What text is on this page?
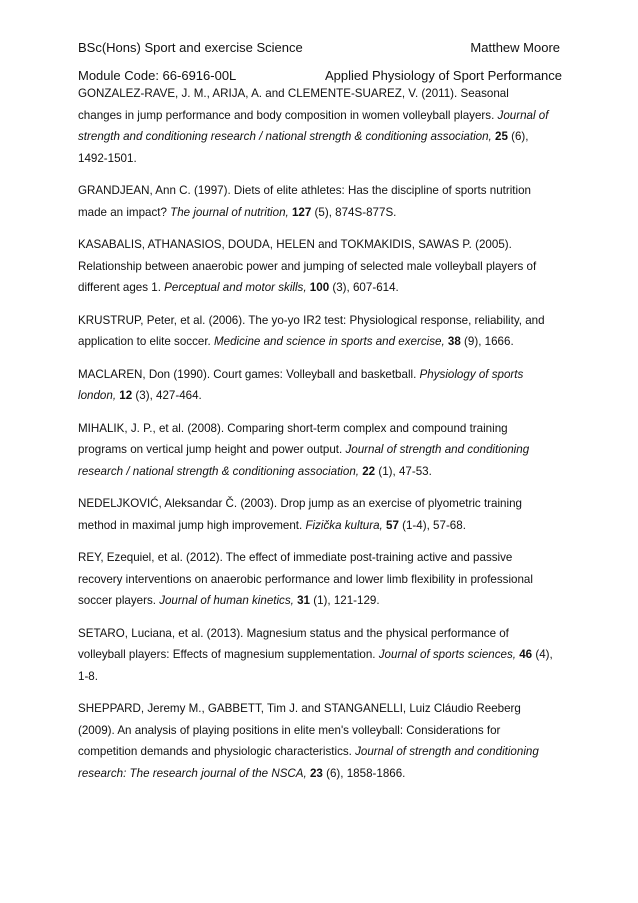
BSc(Hons) Sport and exercise Science	Matthew Moore
Module Code: 66-6916-00L	Applied Physiology of Sport Performance
GONZALEZ-RAVE, J. M., ARIJA, A. and CLEMENTE-SUAREZ, V. (2011). Seasonal
changes in jump performance and body composition in women volleyball players. Journal of
strength and conditioning research / national strength & conditioning association, 25 (6),
1492-1501.
GRANDJEAN, Ann C. (1997). Diets of elite athletes: Has the discipline of sports nutrition
made an impact? The journal of nutrition, 127 (5), 874S-877S.
KASABALIS, ATHANASIOS, DOUDA, HELEN and TOKMAKIDIS, SAWAS P. (2005).
Relationship between anaerobic power and jumping of selected male volleyball players of
different ages 1. Perceptual and motor skills, 100 (3), 607-614.
KRUSTRUP, Peter, et al. (2006). The yo-yo IR2 test: Physiological response, reliability, and
application to elite soccer. Medicine and science in sports and exercise, 38 (9), 1666.
MACLAREN, Don (1990). Court games: Volleyball and basketball. Physiology of sports
london, 12 (3), 427-464.
MIHALIK, J. P., et al. (2008). Comparing short-term complex and compound training
programs on vertical jump height and power output. Journal of strength and conditioning
research / national strength & conditioning association, 22 (1), 47-53.
NEDELJKOVIĆ, Aleksandar Č. (2003). Drop jump as an exercise of plyometric training
method in maximal jump high improvement. Fizička kultura, 57 (1-4), 57-68.
REY, Ezequiel, et al. (2012). The effect of immediate post-training active and passive
recovery interventions on anaerobic performance and lower limb flexibility in professional
soccer players. Journal of human kinetics, 31 (1), 121-129.
SETARO, Luciana, et al. (2013). Magnesium status and the physical performance of
volleyball players: Effects of magnesium supplementation. Journal of sports sciences, 46 (4),
1-8.
SHEPPARD, Jeremy M., GABBETT, Tim J. and STANGANELLI, Luiz Cláudio Reeberg
(2009). An analysis of playing positions in elite men's volleyball: Considerations for
competition demands and physiologic characteristics. Journal of strength and conditioning
research: The research journal of the NSCA, 23 (6), 1858-1866.
